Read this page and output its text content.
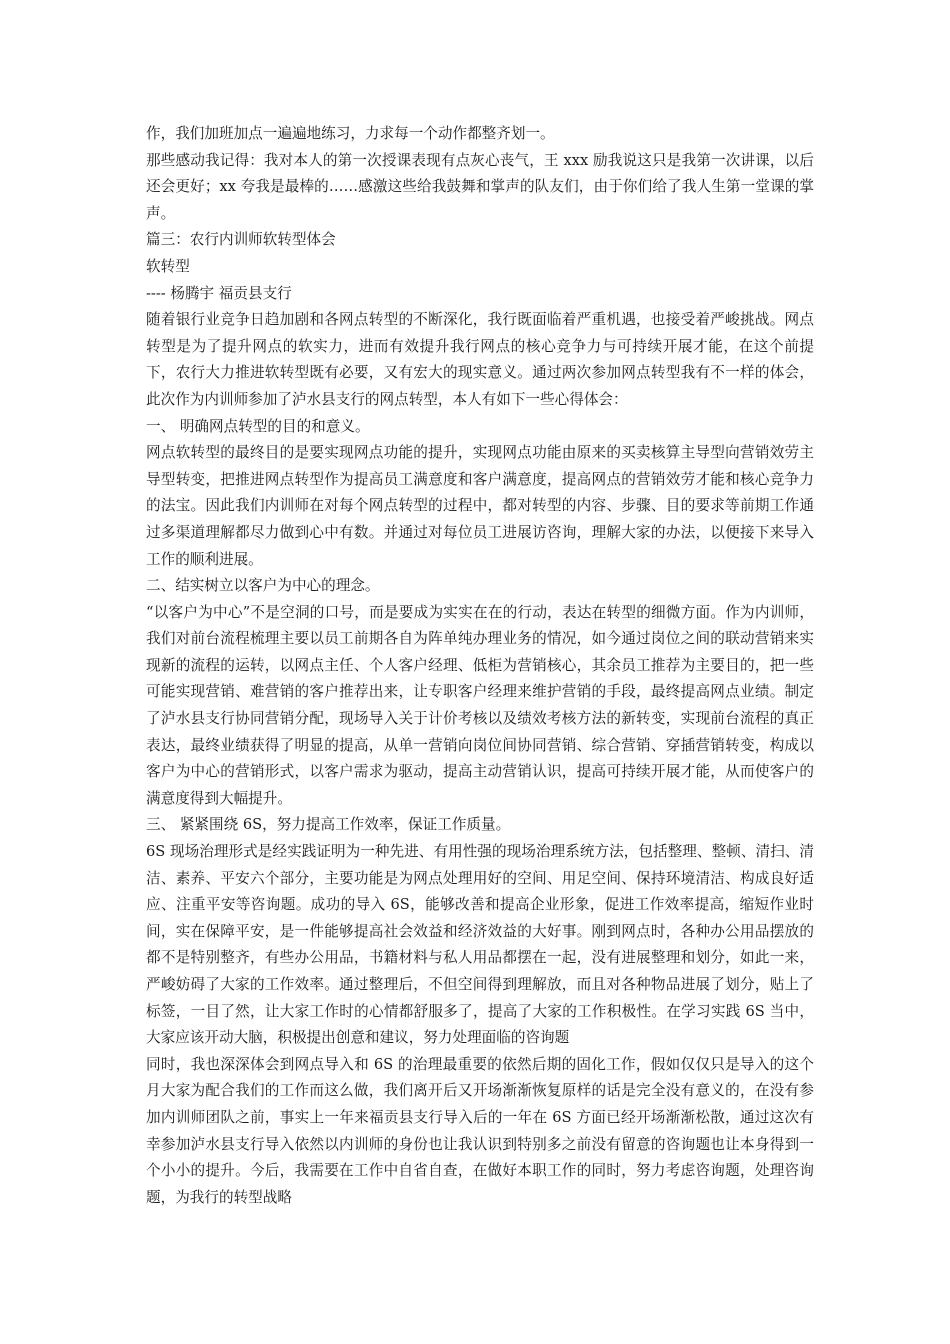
作，我们加班加点一遍遍地练习，力求每一个动作都整齐划一。

那些感动我记得：我对本人的第一次授课表现有点灰心丧气，王 xxx 励我说这只是我第一次讲课，以后还会更好；xx 夸我是最棒的……感激这些给我鼓舞和掌声的队友们，由于你们给了我人生第一堂课的掌声。

篇三：农行内训师软转型体会

软转型

---- 杨腾宇 福贡县支行

随着银行业竞争日趋加剧和各网点转型的不断深化，我行既面临着严重机遇，也接受着严峻挑战。网点转型是为了提升网点的软实力，进而有效提升我行网点的核心竞争力与可持续开展才能，在这个前提下，农行大力推进软转型既有必要，又有宏大的现实意义。通过两次参加网点转型我有不一样的体会，此次作为内训师参加了泸水县支行的网点转型，本人有如下一些心得体会：

一、 明确网点转型的目的和意义。

网点软转型的最终目的是要实现网点功能的提升，实现网点功能由原来的买卖核算主导型向营销效劳主导型转变，把推进网点转型作为提高员工满意度和客户满意度，提高网点的营销效劳才能和核心竞争力的法宝。因此我们内训师在对每个网点转型的过程中，都对转型的内容、步骤、目的要求等前期工作通过多渠道理解都尽力做到心中有数。并通过对每位员工进展访咨询，理解大家的办法，以便接下来导入工作的顺利进展。

二、结实树立以客户为中心的理念。

“以客户为中心”不是空洞的口号，而是要成为实实在在的行动，表达在转型的细微方面。作为内训师，我们对前台流程梳理主要以员工前期各自为阵单纯办理业务的情况，如今通过岗位之间的联动营销来实现新的流程的运转，以网点主任、个人客户经理、低柜为营销核心，其余员工推荐为主要目的，把一些可能实现营销、难营销的客户推荐出来，让专职客户经理来维护营销的手段，最终提高网点业绩。制定了泸水县支行协同营销分配，现场导入关于计价考核以及绩效考核方法的新转变，实现前台流程的真正表达，最终业绩获得了明显的提高，从单一营销向岗位间协同营销、综合营销、穿插营销转变，构成以客户为中心的营销形式，以客户需求为驱动，提高主动营销认识，提高可持续开展才能，从而使客户的满意度得到大幅提升。

三、 紧紧围绕 6S，努力提高工作效率，保证工作质量。

6S 现场治理形式是经实践证明为一种先进、有用性强的现场治理系统方法，包括整理、整顿、清扫、清洁、素养、平安六个部分，主要功能是为网点处理用好的空间、用足空间、保持环境清洁、构成良好适应、注重平安等咨询题。成功的导入 6S，能够改善和提高企业形象，促进工作效率提高，缩短作业时间，实在保障平安，是一件能够提高社会效益和经济效益的大好事。刚到网点时，各种办公用品摆放的都不是特别整齐，有些办公用品，书籍材料与私人用品都摆在一起，没有进展整理和划分，如此一来，严峻妨碍了大家的工作效率。通过整理后，不但空间得到理解放，而且对各种物品进展了划分，贴上了标签，一目了然，让大家工作时的心情都舒服多了，提高了大家的工作积极性。在学习实践 6S 当中，大家应该开动大脑，积极提出创意和建议，努力处理面临的咨询题

同时，我也深深体会到网点导入和 6S 的治理最重要的依然后期的固化工作，假如仅仅只是导入的这个月大家为配合我们的工作而这么做，我们离开后又开场渐渐恢复原样的话是完全没有意义的，在没有参加内训师团队之前，事实上一年来福贡县支行导入后的一年在 6S 方面已经开场渐渐松散，通过这次有幸参加泸水县支行导入依然以内训师的身份也让我认识到特别多之前没有留意的咨询题也让本身得到一个小小的提升。今后，我需要在工作中自省自查，在做好本职工作的同时，努力考虑咨询题，处理咨询题，为我行的转型战略
